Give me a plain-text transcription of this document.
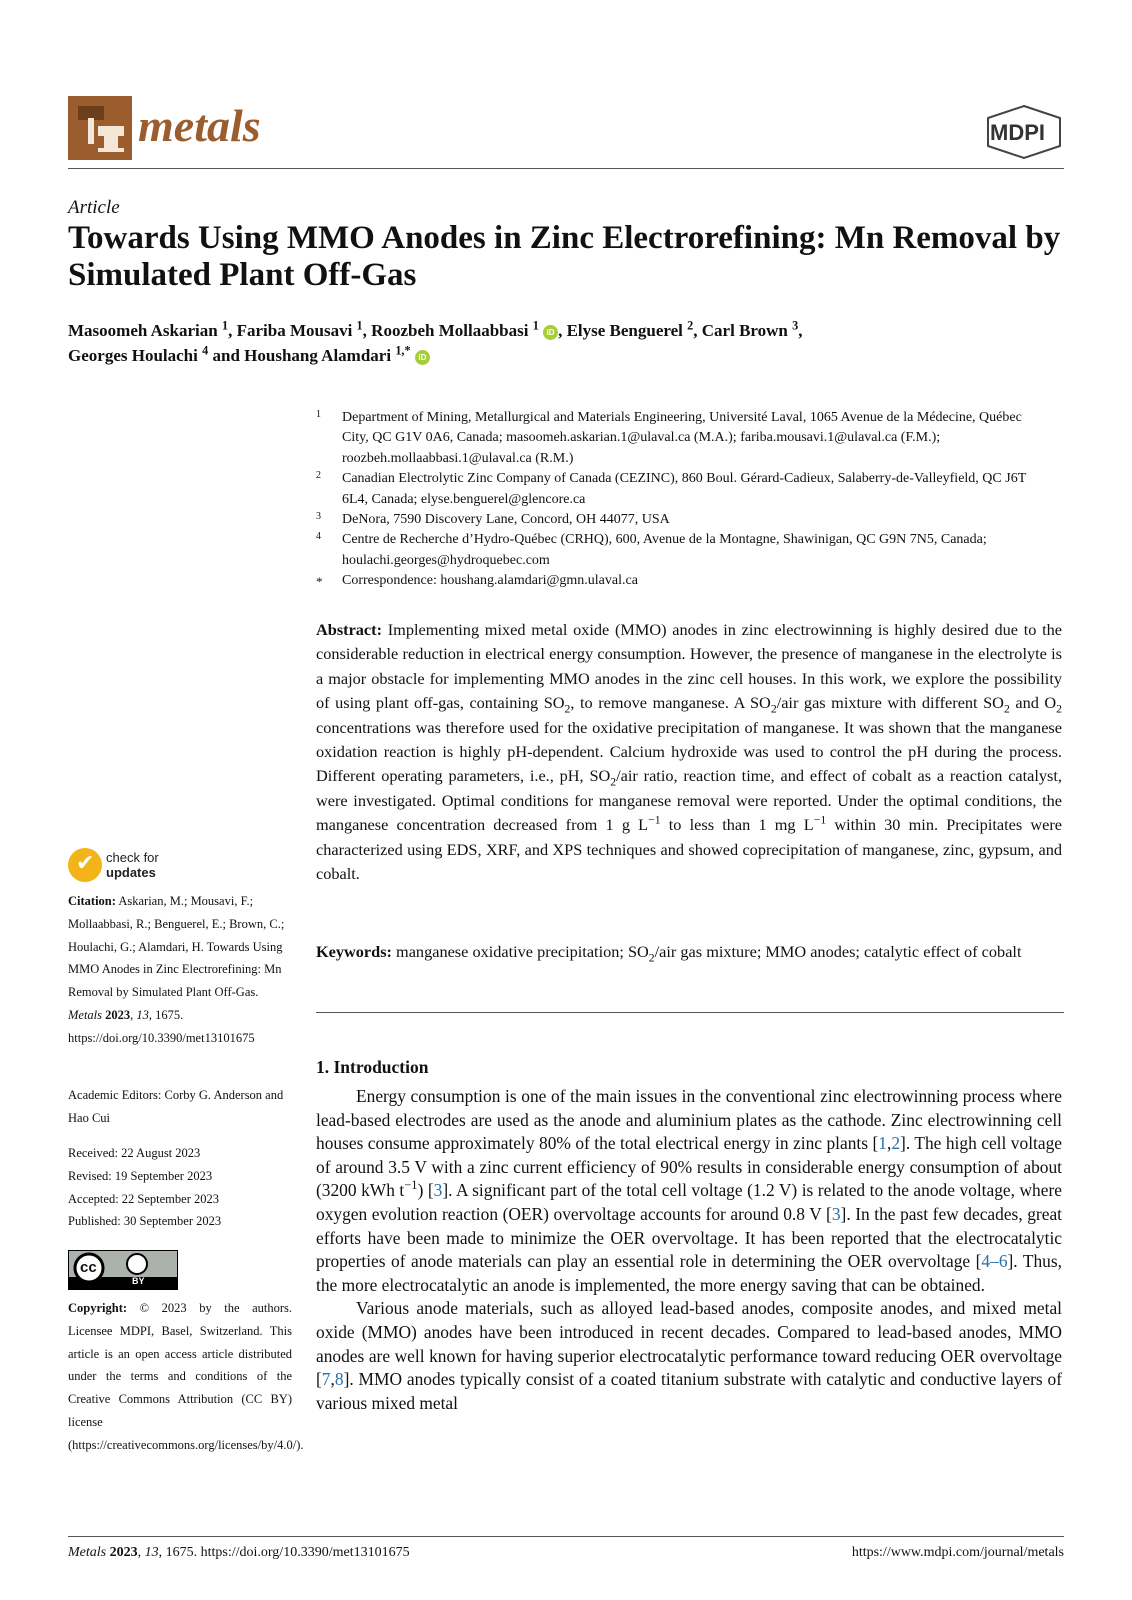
metals	MDPI
Article
Towards Using MMO Anodes in Zinc Electrorefining: Mn Removal by Simulated Plant Off-Gas
Masoomeh Askarian $^1$, Fariba Mousavi $^1$, Roozbeh Mollaabbasi $^1$ iD , Elyse Benguerel $^2$, Carl Brown $^3$,
Georges Houlachi $^4$ and Houshang Alamdari $^{1,*}$ iD
1 Department of Mining, Metallurgical and Materials Engineering, Université Laval, 1065 Avenue de la Médecine, Québec City, QC G1V 0A6, Canada; masoomeh.askarian.1@ulaval.ca (M.A.); fariba.mousavi.1@ulaval.ca (F.M.); roozbeh.mollaabbasi.1@ulaval.ca (R.M.)
2 Canadian Electrolytic Zinc Company of Canada (CEZINC), 860 Boul. Gérard-Cadieux, Salaberry-de-Valleyfield, QC J6T 6L4, Canada; elyse.benguerel@glencore.ca
3 DeNora, 7590 Discovery Lane, Concord, OH 44077, USA
4 Centre de Recherche d’Hydro-Québec (CRHQ), 600, Avenue de la Montagne, Shawinigan, QC G9N 7N5, Canada; houlachi.georges@hydroquebec.com
* Correspondence: houshang.alamdari@gmn.ulaval.ca
Abstract: Implementing mixed metal oxide (MMO) anodes in zinc electrowinning is highly desired due to the considerable reduction in electrical energy consumption. However, the presence of manganese in the electrolyte is a major obstacle for implementing MMO anodes in the zinc cell houses. In this work, we explore the possibility of using plant off-gas, containing $SO_2$, to remove manganese. A $SO_2$/air gas mixture with different $SO_2$ and $O_2$ concentrations was therefore used for the oxidative precipitation of manganese. It was shown that the manganese oxidation reaction is highly pH-dependent. Calcium hydroxide was used to control the pH during the process. Different operating parameters, i.e., pH, $SO_2$/air ratio, reaction time, and effect of cobalt as a reaction catalyst, were investigated. Optimal conditions for manganese removal were reported. Under the optimal conditions, the manganese concentration decreased from 1 g $L^{-1}$ to less than 1 mg $L^{-1}$ within 30 min. Precipitates were characterized using EDS, XRF, and XPS techniques and showed coprecipitation of manganese, zinc, gypsum, and cobalt.
Keywords: manganese oxidative precipitation; $SO_2$/air gas mixture; MMO anodes; catalytic effect of cobalt
1. Introduction

Energy consumption is one of the main issues in the conventional zinc electrowinning process where lead-based electrodes are used as the anode and aluminium plates as the cathode. Zinc electrowinning cell houses consume approximately 80% of the total electrical energy in zinc plants [1,2]. The high cell voltage of around 3.5 V with a zinc current efficiency of 90% results in considerable energy consumption of about (3200 kWh $t^{-1}$) [3]. A significant part of the total cell voltage (1.2 V) is related to the anode voltage, where oxygen evolution reaction (OER) overvoltage accounts for around 0.8 V [3]. In the past few decades, great efforts have been made to minimize the OER overvoltage. It has been reported that the electrocatalytic properties of anode materials can play an essential role in determining the OER overvoltage [4–6]. Thus, the more electrocatalytic an anode is implemented, the more energy saving that can be obtained.

Various anode materials, such as alloyed lead-based anodes, composite anodes, and mixed metal oxide (MMO) anodes have been introduced in recent decades. Compared to lead-based anodes, MMO anodes are well known for having superior electrocatalytic performance toward reducing OER overvoltage [7,8]. MMO anodes typically consist of a coated titanium substrate with catalytic and conductive layers of various mixed metal

✔ check for
updates
Citation: Askarian, M.; Mousavi, F.; Mollaabbasi, R.; Benguerel, E.; Brown, C.; Houlachi, G.; Alamdari, H. Towards Using MMO Anodes in Zinc Electrorefining: Mn Removal by Simulated Plant Off-Gas. Metals 2023, 13, 1675. https://doi.org/10.3390/met13101675
Academic Editors: Corby G. Anderson and Hao Cui
Received: 22 August 2023
Revised: 19 September 2023
Accepted: 22 September 2023
Published: 30 September 2023
cc
BY
Copyright: © 2023 by the authors. Licensee MDPI, Basel, Switzerland. This article is an open access article distributed under the terms and conditions of the Creative Commons Attribution (CC BY) license (https://creativecommons.org/licenses/by/4.0/).
Metals 2023, 13, 1675. https://doi.org/10.3390/met13101675	https://www.mdpi.com/journal/metals
